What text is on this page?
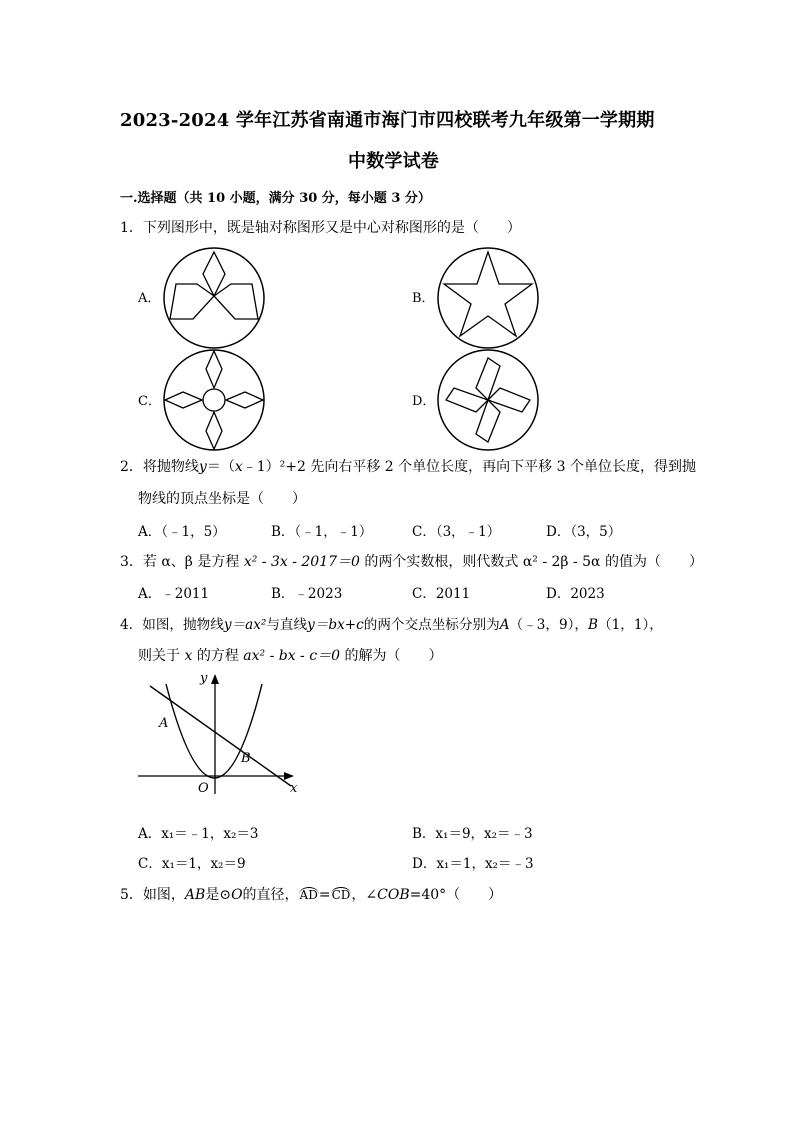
2023-2024 学年江苏省南通市海门市四校联考九年级第一学期期
中数学试卷
一.选择题（共 10 小题，满分 30 分，每小题 3 分）
1．下列图形中，既是轴对称图形又是中心对称图形的是（　　）
A．	B．
C．	D．
2．将抛物线y＝（x﹣1）²+2 先向右平移 2 个单位长度，再向下平移 3 个单位长度，得到抛
物线的顶点坐标是（　　）
A．（﹣1，5）	B．（﹣1，﹣1）	C．（3，﹣1）	D．（3，5）
3．若 α、β 是方程 x² - 3x - 2017＝0 的两个实数根，则代数式 α² - 2β - 5α 的值为（　　）
A．﹣2011	B．﹣2023	C．2011	D．2023
4．如图，抛物线y＝ax²与直线y＝bx+c的两个交点坐标分别为A（﹣3，9），B（1，1），
则关于 x 的方程 ax² - bx - c＝0 的解为（　　）
y
x
O
A
B
A．x₁＝﹣1，x₂＝3	B．x₁＝9，x₂＝﹣3
C．x₁＝1，x₂＝9	D．x₁＝1，x₂＝﹣3
5．如图，AB是⊙O的直径，AD=CD，∠COB=40°（　　）
